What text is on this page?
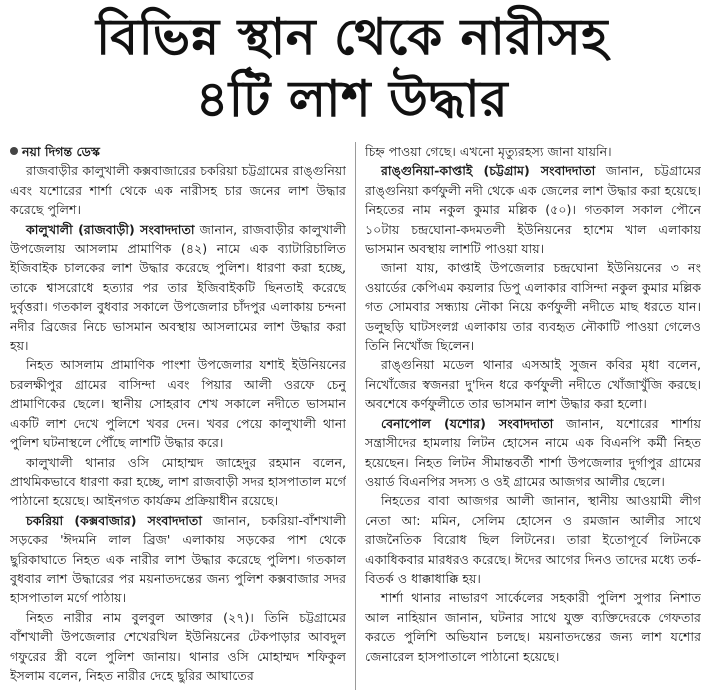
বিভিন্ন স্থান থেকে নারীসহ
৪টি লাশ উদ্ধার

নয়া দিগন্ত ডেস্ক

রাজবাড়ীর কালুখালী কক্সবাজারের চকরিয়া চট্টগ্রামের রাঙ্গুনিয়া এবং যশোরের শার্শা থেকে এক নারীসহ চার জনের লাশ উদ্ধার করেছে পুলিশ।

কালুখালী (রাজবাড়ী) সংবাদদাতা জানান, রাজবাড়ীর কালুখালী উপজেলায় আসলাম প্রামাণিক (৪২) নামে এক ব্যাটারিচালিত ইজিবাইক চালকের লাশ উদ্ধার করেছে পুলিশ। ধারণা করা হচ্ছে, তাকে শ্বাসরোধে হত্যার পর তার ইজিবাইকটি ছিনতাই করেছে দুর্বৃত্তরা। গতকাল বুধবার সকালে উপজেলার চাঁদপুর এলাকায় চন্দনা নদীর ব্রিজের নিচে ভাসমান অবস্থায় আসলামের লাশ উদ্ধার করা হয়।

নিহত আসলাম প্রামাণিক পাংশা উপজেলার যশাই ইউনিয়নের চরলক্ষীপুর গ্রামের বাসিন্দা এবং পিয়ার আলী ওরফে চেনু প্রামাণিকের ছেলে। স্থানীয় সোহরাব শেখ সকালে নদীতে ভাসমান একটি লাশ দেখে পুলিশে খবর দেন। খবর পেয়ে কালুখালী থানা পুলিশ ঘটনাস্থলে পৌঁছে লাশটি উদ্ধার করে।

কালুখালী থানার ওসি মোহাম্মদ জাহেদুর রহমান বলেন, প্রাথমিকভাবে ধারণা করা হচ্ছে, লাশ রাজবাড়ী সদর হাসপাতাল মর্গে পাঠানো হয়েছে। আইনগত কার্যক্রম প্রক্রিয়াধীন রয়েছে।

চকরিয়া (কক্সবাজার) সংবাদদাতা জানান, চকরিয়া-বাঁশখালী সড়কের 'ঈদমনি লাল ব্রিজ' এলাকায় সড়কের পাশ থেকে ছুরিকাঘাতে নিহত এক নারীর লাশ উদ্ধার করেছে পুলিশ। গতকাল বুধবার লাশ উদ্ধারের পর ময়নাতদন্তের জন্য পুলিশ কক্সবাজার সদর হাসপাতাল মর্গে পাঠায়।

নিহত নারীর নাম বুলবুল আক্তার (২৭)। তিনি চট্টগ্রামের বাঁশখালী উপজেলার শেখেরখিল ইউনিয়নের টেকপাড়ার আবদুল গফুরের স্ত্রী বলে পুলিশ জানায়। থানার ওসি মোহাম্মদ শফিকুল ইসলাম বলেন, নিহত নারীর দেহে ছুরির আঘাতের

চিহ্ন পাওয়া গেছে। এখনো মৃত্যুরহস্য জানা যায়নি।

রাঙ্গুনিয়া-কাপ্তাই (চট্টগ্রাম) সংবাদদাতা জানান, চট্টগ্রামের রাঙ্গুনিয়া কর্ণফুলী নদী থেকে এক জেলের লাশ উদ্ধার করা হয়েছে। নিহতের নাম নকুল কুমার মল্লিক (৫০)। গতকাল সকাল পৌনে ১০টায় চন্দ্রঘোনা-কদমতলী ইউনিয়নের হাশেম খাল এলাকায় ভাসমান অবস্থায় লাশটি পাওয়া যায়।

জানা যায়, কাপ্তাই উপজেলার চন্দ্রঘোনা ইউনিয়নের ৩ নং ওয়ার্ডের কেপিএম কয়লার ডিপু এলাকার বাসিন্দা নকুল কুমার মল্লিক গত সোমবার সন্ধ্যায় নৌকা নিয়ে কর্ণফুলী নদীতে মাছ ধরতে যান। ডলুছড়ি ঘাটসংলগ্ন এলাকায় তার ব্যবহৃত নৌকাটি পাওয়া গেলেও তিনি নিখোঁজ ছিলেন।

রাঙ্গুনিয়া মডেল থানার এসআই সুজন কবির মৃধা বলেন, নিখোঁজের স্বজনরা দু'দিন ধরে কর্ণফুলী নদীতে খোঁজাখুঁজি করছে। অবশেষে কর্ণফুলীতে তার ভাসমান লাশ উদ্ধার করা হলো।

বেনাপোল (যশোর) সংবাদদাতা জানান, যশোরের শার্শায় সন্ত্রাসীদের হামলায় লিটন হোসেন নামে এক বিএনপি কর্মী নিহত হয়েছেন। নিহত লিটন সীমান্তবর্তী শার্শা উপজেলার দুর্গাপুর গ্রামের ওয়ার্ড বিএনপির সদস্য ও ওই গ্রামের আজগর আলীর ছেলে।

নিহতের বাবা আজগর আলী জানান, স্থানীয় আওয়ামী লীগ নেতা আ: মমিন, সেলিম হোসেন ও রমজান আলীর সাথে রাজনৈতিক বিরোধ ছিল লিটনের। তারা ইতোপূর্বে লিটনকে একাধিকবার মারধরও করেছে। ঈদের আগের দিনও তাদের মধ্যে তর্ক-বিতর্ক ও ধাক্কাধাক্কি হয়।

শার্শা থানার নাভারণ সার্কেলের সহকারী পুলিশ সুপার নিশাত আল নাহিয়ান জানান, ঘটনার সাথে যুক্ত ব্যক্তিদেরকে গেফতার করতে পুলিশি অভিযান চলছে। ময়নাতদন্তের জন্য লাশ যশোর জেনারেল হাসপাতালে পাঠানো হয়েছে।
